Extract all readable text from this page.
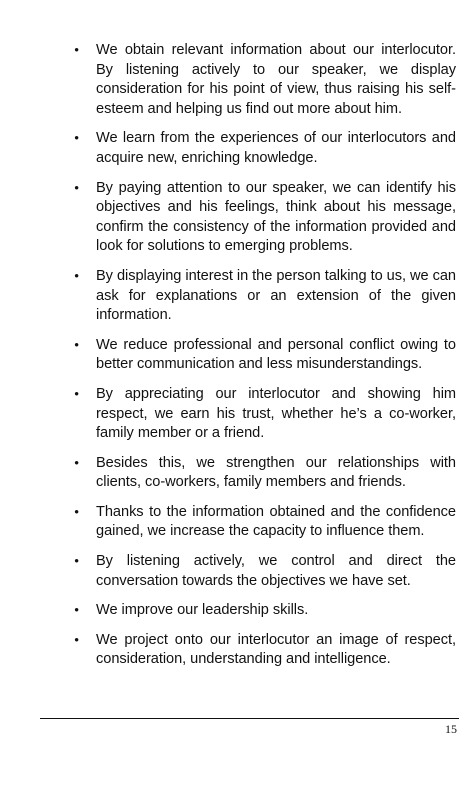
• We obtain relevant information about our interlocutor. By listening actively to our speaker, we display consideration for his point of view, thus raising his self-esteem and helping us find out more about him.
• We learn from the experiences of our interlocutors and acquire new, enriching knowledge.
• By paying attention to our speaker, we can identify his objectives and his feelings, think about his message, confirm the consistency of the information provided and look for solutions to emerging problems.
• By displaying interest in the person talking to us, we can ask for explanations or an extension of the given information.
• We reduce professional and personal conflict owing to better communication and less misunderstandings.
• By appreciating our interlocutor and showing him respect, we earn his trust, whether he’s a co-worker, family member or a friend.
• Besides this, we strengthen our relationships with clients, co-workers, family members and friends.
• Thanks to the information obtained and the confidence gained, we increase the capacity to influence them.
• By listening actively, we control and direct the conversation towards the objectives we have set.
• We improve our leadership skills.
• We project onto our interlocutor an image of respect, consideration, understanding and intelligence.
15
